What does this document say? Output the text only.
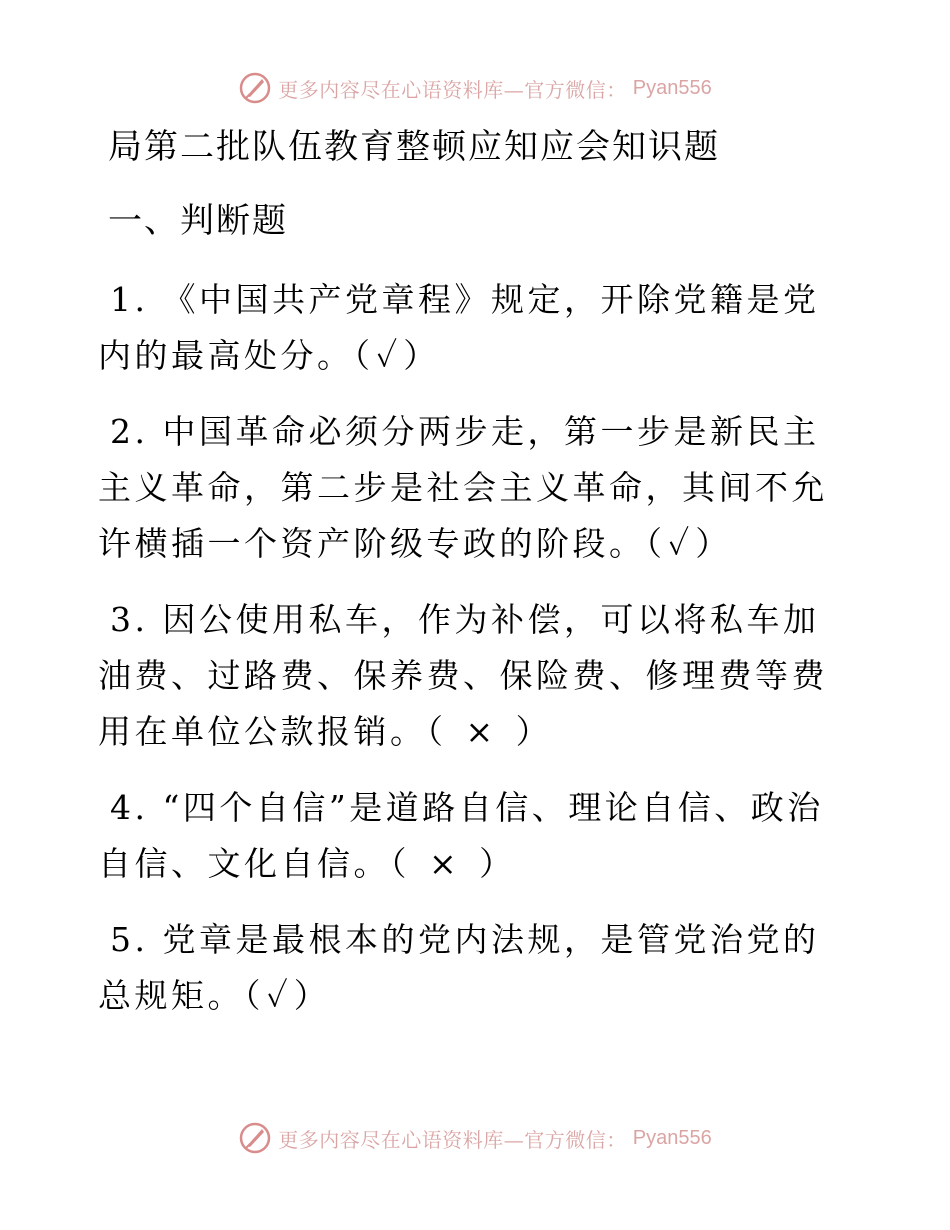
更多内容尽在心语资料库—官方微信： Pyan556
局第二批队伍教育整顿应知应会知识题
一、判断题

1. 《中国共产党章程》规定，开除党籍是党内的最高处分。（✓）

2. 中国革命必须分两步走，第一步是新民主主义革命，第二步是社会主义革命，其间不允许横插一个资产阶级专政的阶段。（✓）

3. 因公使用私车，作为补偿，可以将私车加油费、过路费、保养费、保险费、修理费等费用在单位公款报销。（ × ）

4. “四个自信”是道路自信、理论自信、政治自信、文化自信。（ × ）

5. 党章是最根本的党内法规，是管党治党的总规矩。（✓）

更多内容尽在心语资料库—官方微信： Pyan556
